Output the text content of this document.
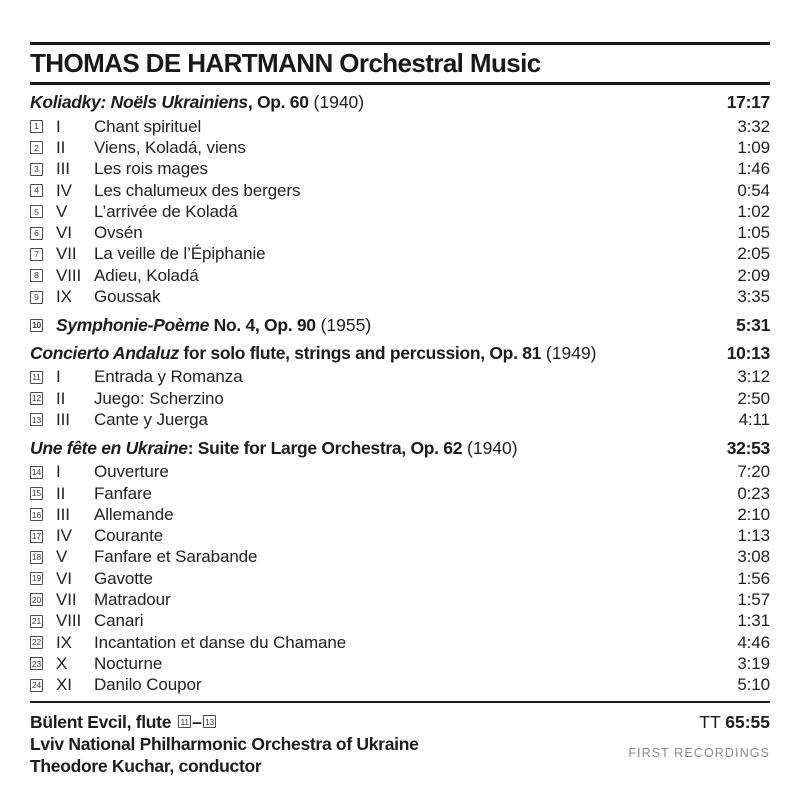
THOMAS DE HARTMANN Orchestral Music
Koliadky: Noëls Ukrainiens, Op. 60 (1940)	17:17
1 I	Chant spirituel	3:32
2 II	Viens, Koladá, viens	1:09
3 III	Les rois mages	1:46
4 IV	Les chalumeux des bergers	0:54
5 V	L’arrivée de Koladá	1:02
6 VI	Ovsén	1:05
7 VII	La veille de l’Épiphanie	2:05
8 VIII Adieu, Koladá	2:09
9 IX	Goussak	3:35
10 Symphonie-Poème No. 4, Op. 90 (1955)	5:31
Concierto Andaluz for solo flute, strings and percussion, Op. 81 (1949)	10:13
11 I	Entrada y Romanza	3:12
12 II	Juego: Scherzino	2:50
13 III	Cante y Juerga	4:11
Une fête en Ukraine: Suite for Large Orchestra, Op. 62 (1940)	32:53
14 I	Ouverture	7:20
15 II	Fanfare	0:23
16 III	Allemande	2:10
17 IV	Courante	1:13
18 V	Fanfare et Sarabande	3:08
19 VI	Gavotte	1:56
20 VII	Matradour	1:57
21 VIII Canari	1:31
22 IX	Incantation et danse du Chamane	4:46
23 X	Nocturne	3:19
24 XI	Danilo Coupor	5:10
Bülent Evcil, flute 11 – 13
Lviv National Philharmonic Orchestra of Ukraine
Theodore Kuchar, conductor
TT 65:55
FIRST RECORDINGS
